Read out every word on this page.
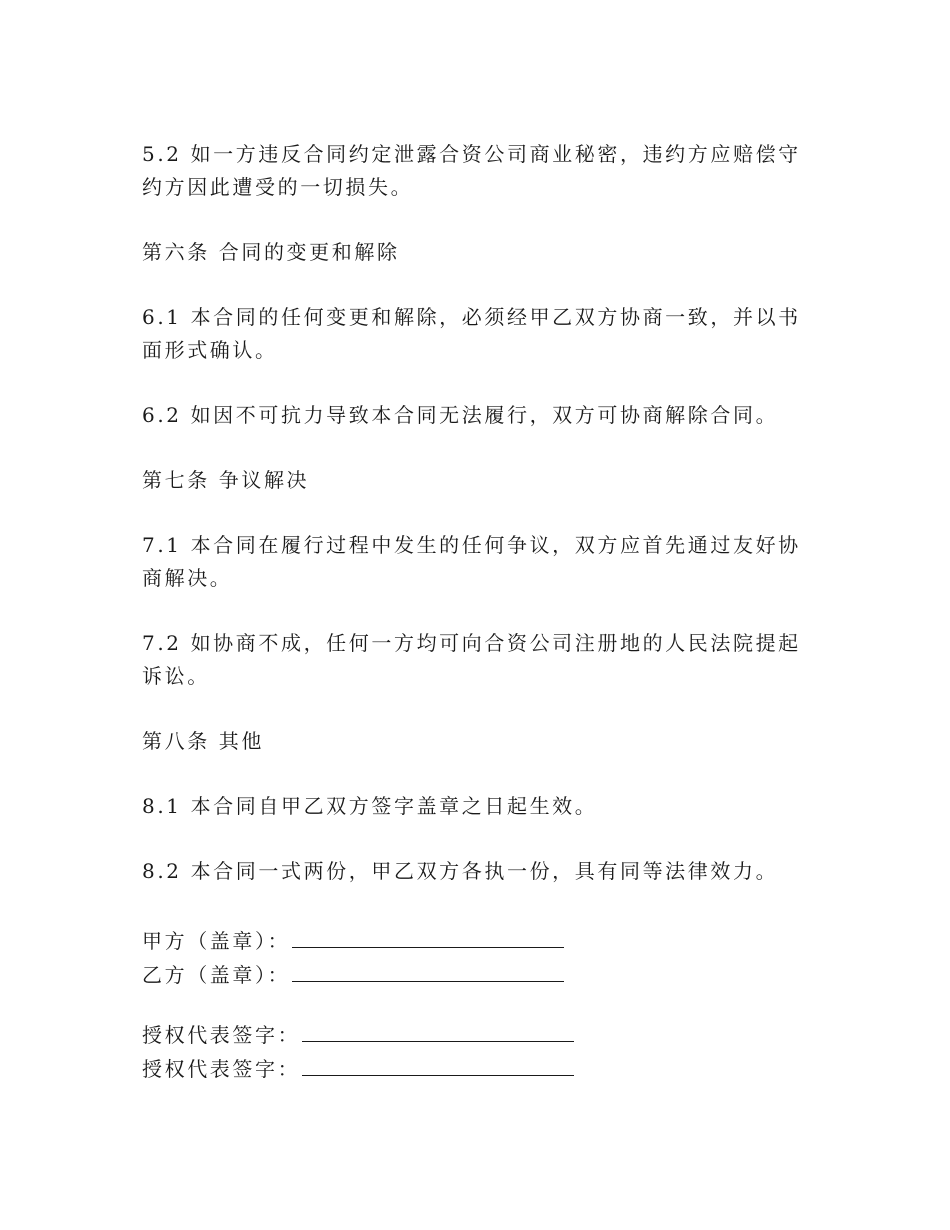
5.2 如一方违反合同约定泄露合资公司商业秘密，违约方应赔偿守约方因此遭受的一切损失。

第六条 合同的变更和解除

6.1 本合同的任何变更和解除，必须经甲乙双方协商一致，并以书面形式确认。

6.2 如因不可抗力导致本合同无法履行，双方可协商解除合同。

第七条 争议解决

7.1 本合同在履行过程中发生的任何争议，双方应首先通过友好协商解决。

7.2 如协商不成，任何一方均可向合资公司注册地的人民法院提起诉讼。

第八条 其他

8.1 本合同自甲乙双方签字盖章之日起生效。

8.2 本合同一式两份，甲乙双方各执一份，具有同等法律效力。

甲方（盖章）：
乙方（盖章）：
授权代表签字：
授权代表签字：
